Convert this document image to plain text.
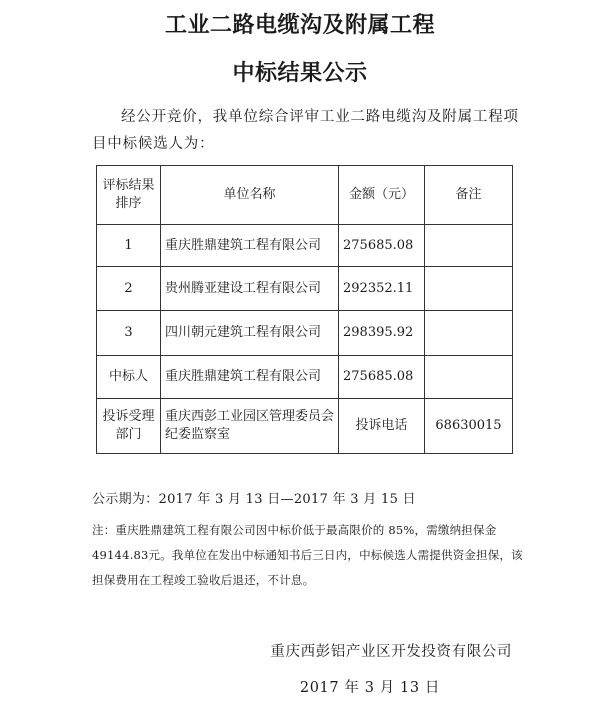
工业二路电缆沟及附属工程
中标结果公示
经公开竞价，我单位综合评审工业二路电缆沟及附属工程项目中标候选人为：
评标结果排序	单位名称	金额（元）	备注
1	重庆胜鼎建筑工程有限公司	275685.08	
2	贵州腾亚建设工程有限公司	292352.11	
3	四川朝元建筑工程有限公司	298395.92	
中标人	重庆胜鼎建筑工程有限公司	275685.08	
投诉受理部门	重庆西彭工业园区管理委员会纪委监察室	投诉电话	68630015
公示期为：2017 年 3 月 13 日—2017 年 3 月 15 日
注：重庆胜鼎建筑工程有限公司因中标价低于最高限价的 85%，需缴纳担保金 49144.83元。我单位在发出中标通知书后三日内，中标候选人需提供资金担保，该担保费用在工程竣工验收后退还，不计息。
重庆西彭铝产业区开发投资有限公司
2017 年 3 月 13 日
